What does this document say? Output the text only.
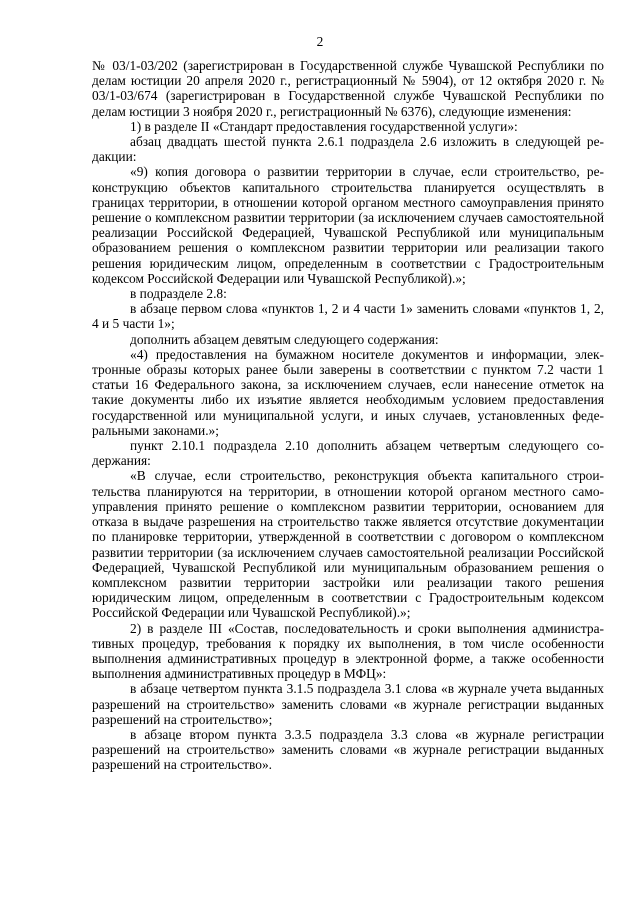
2

№ 03/1-03/202 (зарегистрирован в Государственной службе Чувашской Республики по делам юстиции 20 апреля 2020 г., регистрационный № 5904), от 12 октября 2020 г. № 03/1-03/674 (зарегистрирован в Государственной службе Чувашской Республики по делам юстиции 3 ноября 2020 г., регистрационный № 6376), следующие изменения:

1) в разделе II «Стандарт предоставления государственной услуги»:

абзац двадцать шестой пункта 2.6.1 подраздела 2.6 изложить в следующей редакции:

«9) копия договора о развитии территории в случае, если строительство, реконструкцию объектов капитального строительства планируется осуществлять в границах территории, в отношении которой органом местного самоуправления принято решение о комплексном развитии территории (за исключением случаев самостоятельной реализации Российской Федерацией, Чувашской Республикой или муниципальным образованием решения о комплексном развитии территории или реализации такого решения юридическим лицом, определенным в соответствии с Градостроительным кодексом Российской Федерации или Чувашской Республикой).»;

в подразделе 2.8:

в абзаце первом слова «пунктов 1, 2 и 4 части 1» заменить словами «пунктов 1, 2, 4 и 5 части 1»;

дополнить абзацем девятым следующего содержания:

«4) предоставления на бумажном носителе документов и информации, электронные образы которых ранее были заверены в соответствии с пунктом 7.2 части 1 статьи 16 Федерального закона, за исключением случаев, если нанесение отметок на такие документы либо их изъятие является необходимым условием предоставления государственной или муниципальной услуги, и иных случаев, установленных федеральными законами.»;

пункт 2.10.1 подраздела 2.10 дополнить абзацем четвертым следующего содержания:

«В случае, если строительство, реконструкция объекта капитального строительства планируются на территории, в отношении которой органом местного самоуправления принято решение о комплексном развитии территории, основанием для отказа в выдаче разрешения на строительство также является отсутствие документации по планировке территории, утвержденной в соответствии с договором о комплексном развитии территории (за исключением случаев самостоятельной реализации Российской Федерацией, Чувашской Республикой или муниципальным образованием решения о комплексном развитии территории застройки или реализации такого решения юридическим лицом, определенным в соответствии с Градостроительным кодексом Российской Федерации или Чувашской Республикой).»;

2) в разделе III «Состав, последовательность и сроки выполнения административных процедур, требования к порядку их выполнения, в том числе особенности выполнения административных процедур в электронной форме, а также особенности выполнения административных процедур в МФЦ»:

в абзаце четвертом пункта 3.1.5 подраздела 3.1 слова «в журнале учета выданных разрешений на строительство» заменить словами «в журнале регистрации выданных разрешений на строительство»;

в абзаце втором пункта 3.3.5 подраздела 3.3 слова «в журнале регистрации разрешений на строительство» заменить словами «в журнале регистрации выданных разрешений на строительство».
